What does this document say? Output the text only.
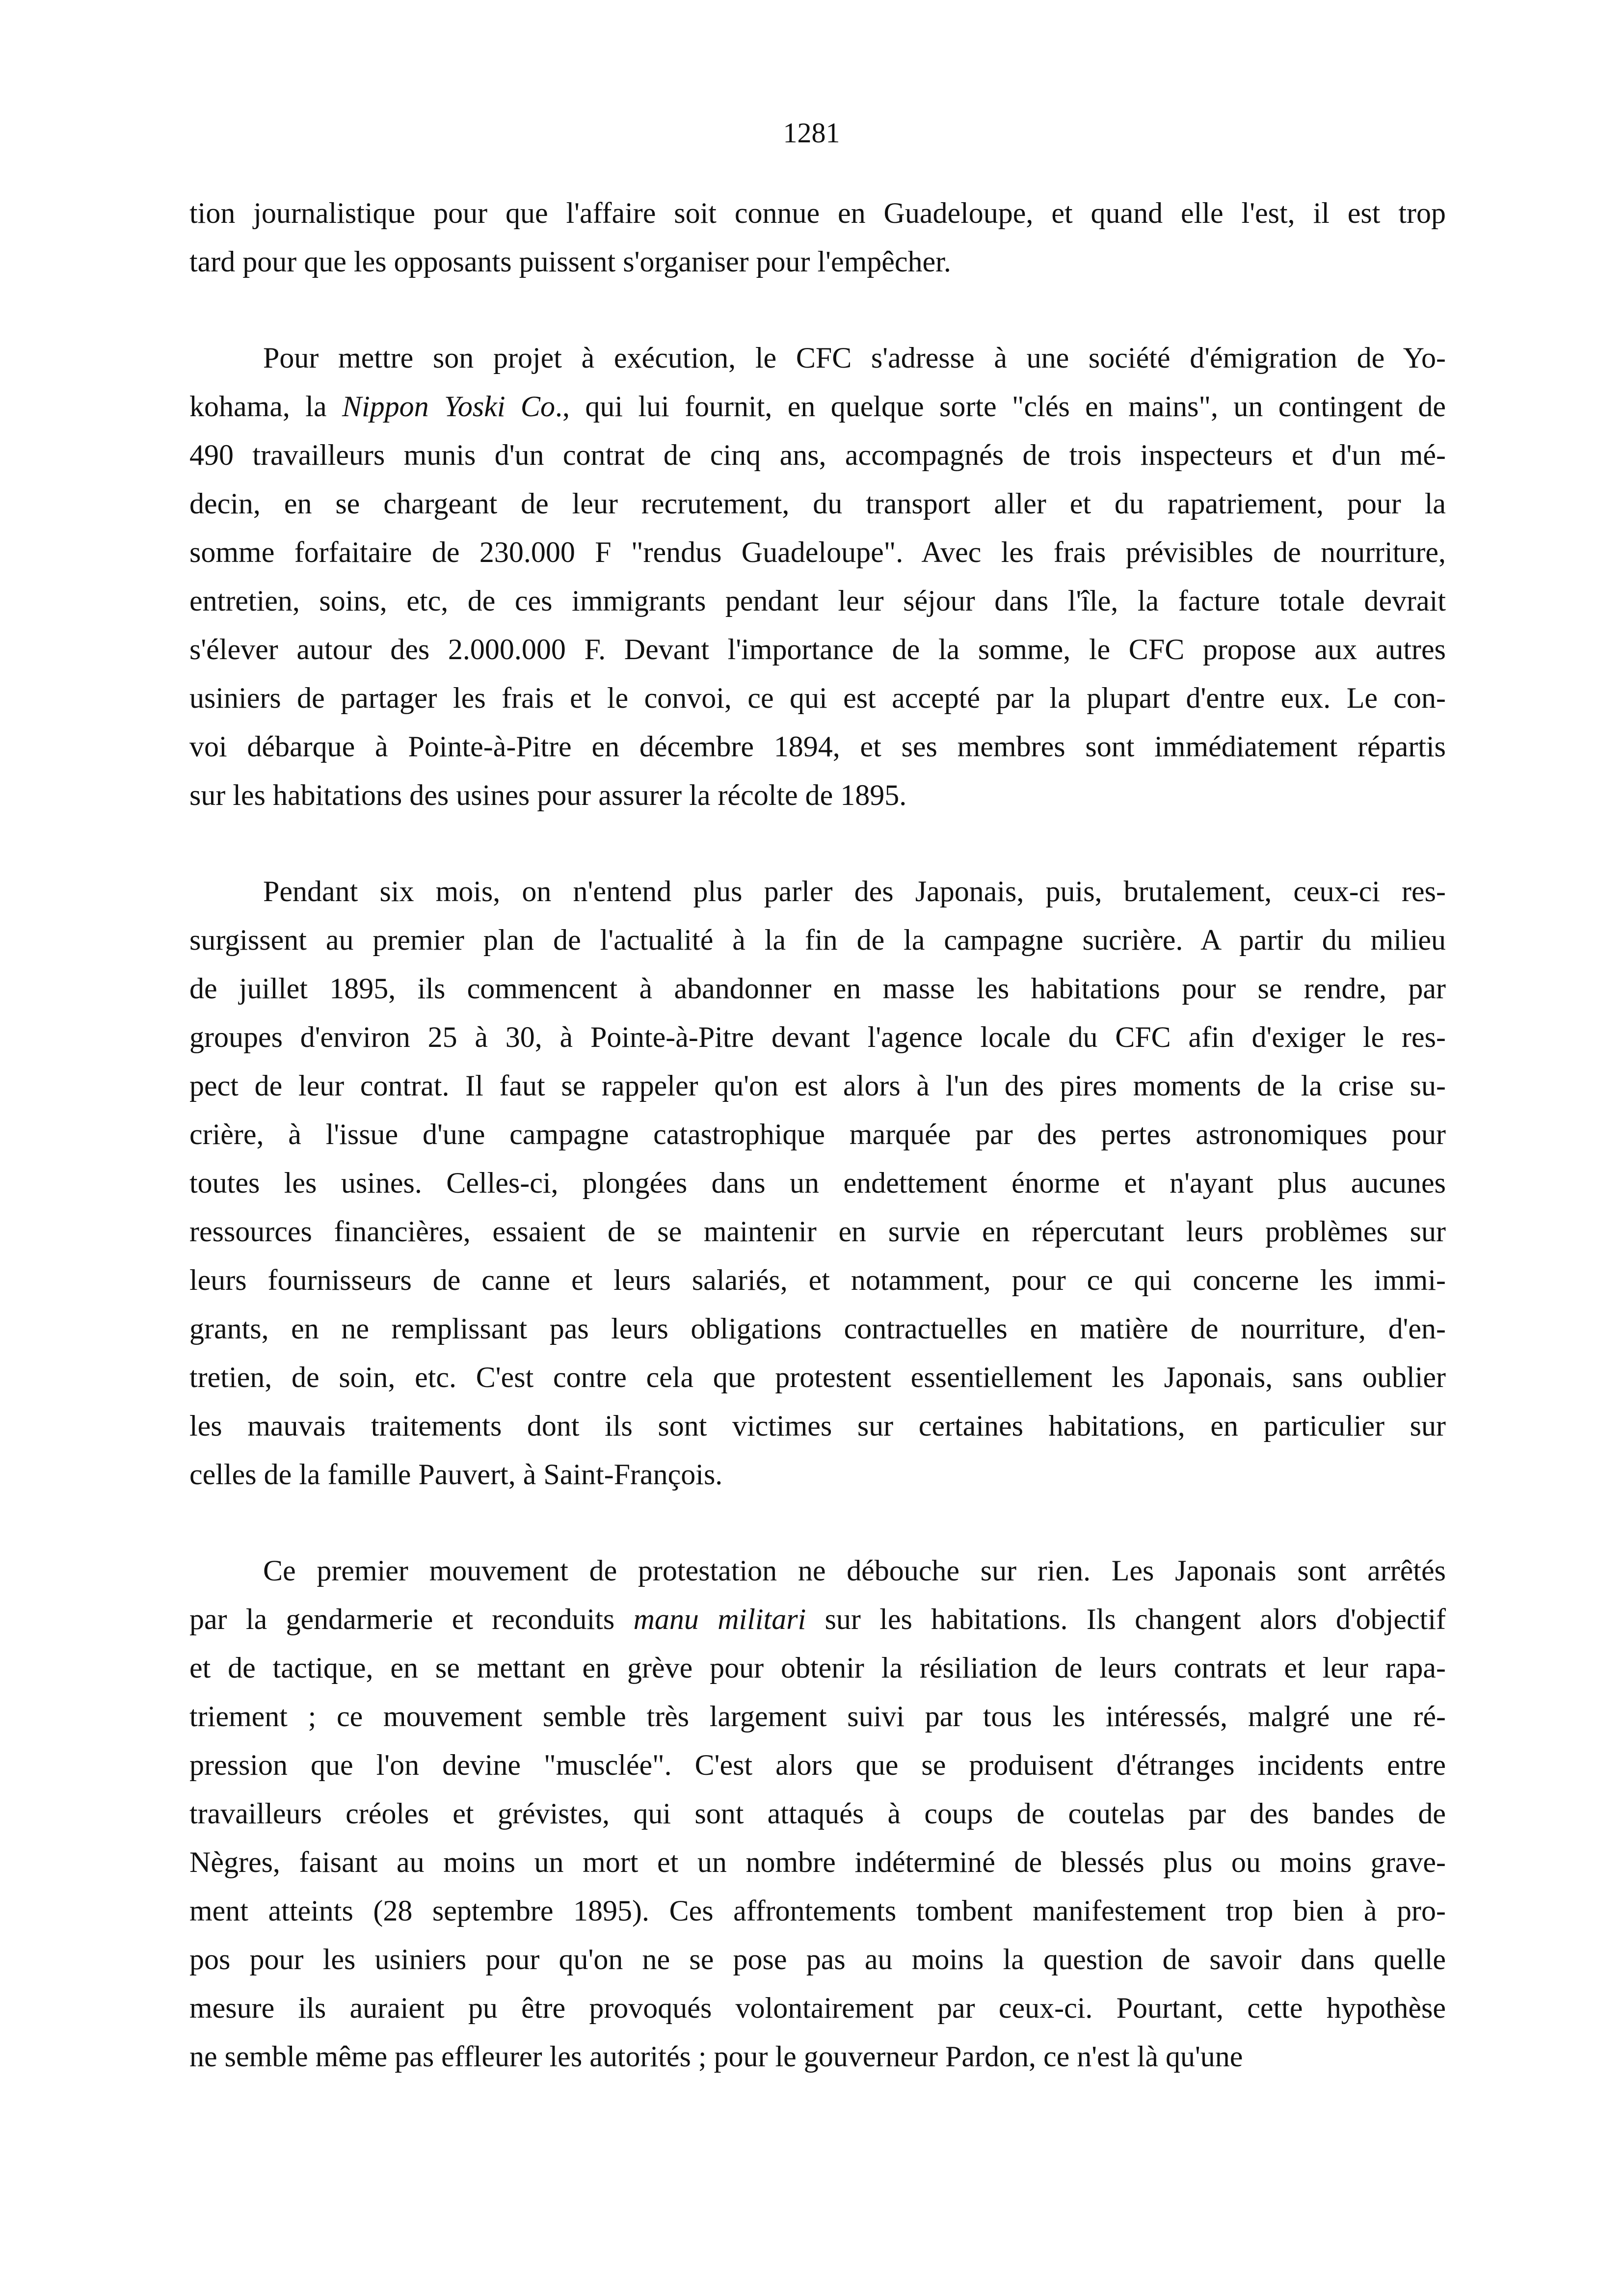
1281
tion journalistique pour que l'affaire soit connue en Guadeloupe, et quand elle l'est, il est trop
tard pour que les opposants puissent s'organiser pour l'empêcher.
Pour mettre son projet à exécution, le CFC s'adresse à une société d'émigration de Yo-
kohama, la Nippon Yoski Co., qui lui fournit, en quelque sorte "clés en mains", un contingent de
490 travailleurs munis d'un contrat de cinq ans, accompagnés de trois inspecteurs et d'un mé-
decin, en se chargeant de leur recrutement, du transport aller et du rapatriement, pour la
somme forfaitaire de 230.000 F "rendus Guadeloupe". Avec les frais prévisibles de nourriture,
entretien, soins, etc, de ces immigrants pendant leur séjour dans l'île, la facture totale devrait
s'élever autour des 2.000.000 F. Devant l'importance de la somme, le CFC propose aux autres
usiniers de partager les frais et le convoi, ce qui est accepté par la plupart d'entre eux. Le con-
voi débarque à Pointe-à-Pitre en décembre 1894, et ses membres sont immédiatement répartis
sur les habitations des usines pour assurer la récolte de 1895.
Pendant six mois, on n'entend plus parler des Japonais, puis, brutalement, ceux-ci res-
surgissent au premier plan de l'actualité à la fin de la campagne sucrière. A partir du milieu
de juillet 1895, ils commencent à abandonner en masse les habitations pour se rendre, par
groupes d'environ 25 à 30, à Pointe-à-Pitre devant l'agence locale du CFC afin d'exiger le res-
pect de leur contrat. Il faut se rappeler qu'on est alors à l'un des pires moments de la crise su-
crière, à l'issue d'une campagne catastrophique marquée par des pertes astronomiques pour
toutes les usines. Celles-ci, plongées dans un endettement énorme et n'ayant plus aucunes
ressources financières, essaient de se maintenir en survie en répercutant leurs problèmes sur
leurs fournisseurs de canne et leurs salariés, et notamment, pour ce qui concerne les immi-
grants, en ne remplissant pas leurs obligations contractuelles en matière de nourriture, d'en-
tretien, de soin, etc. C'est contre cela que protestent essentiellement les Japonais, sans oublier
les mauvais traitements dont ils sont victimes sur certaines habitations, en particulier sur
celles de la famille Pauvert, à Saint-François.
Ce premier mouvement de protestation ne débouche sur rien. Les Japonais sont arrêtés
par la gendarmerie et reconduits manu militari sur les habitations. Ils changent alors d'objectif
et de tactique, en se mettant en grève pour obtenir la résiliation de leurs contrats et leur rapa-
triement ; ce mouvement semble très largement suivi par tous les intéressés, malgré une ré-
pression que l'on devine "musclée". C'est alors que se produisent d'étranges incidents entre
travailleurs créoles et grévistes, qui sont attaqués à coups de coutelas par des bandes de
Nègres, faisant au moins un mort et un nombre indéterminé de blessés plus ou moins grave-
ment atteints (28 septembre 1895). Ces affrontements tombent manifestement trop bien à pro-
pos pour les usiniers pour qu'on ne se pose pas au moins la question de savoir dans quelle
mesure ils auraient pu être provoqués volontairement par ceux-ci. Pourtant, cette hypothèse
ne semble même pas effleurer les autorités ; pour le gouverneur Pardon, ce n'est là qu'une
